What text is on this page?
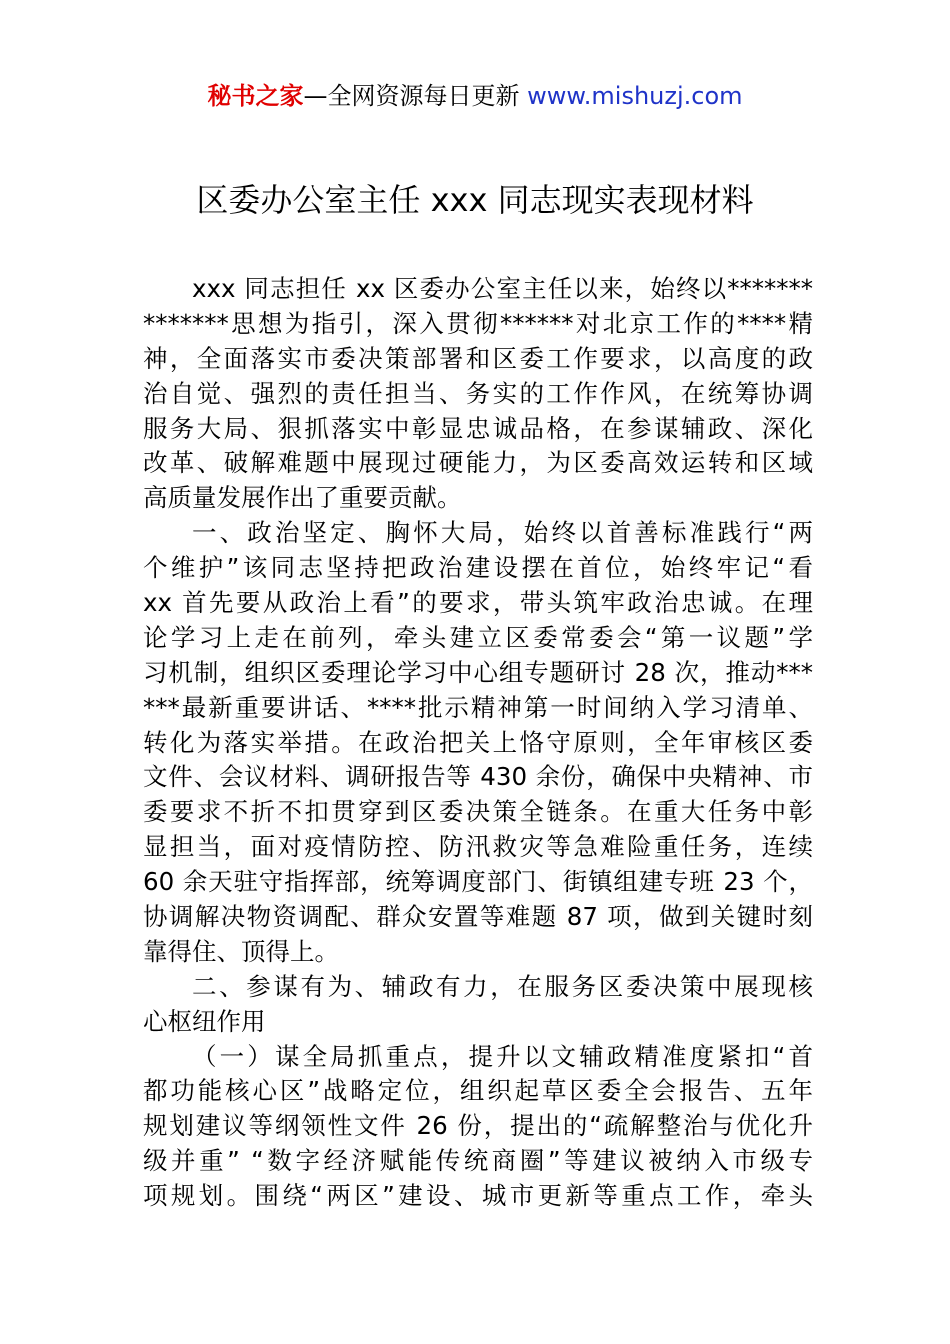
秘书之家—全网资源每日更新 www.mishuzj.com
区委办公室主任 xxx 同志现实表现材料
xxx 同志担任 xx 区委办公室主任以来，始终以*******
*******思想为指引，深入贯彻******对北京工作的****精
神，全面落实市委决策部署和区委工作要求，以高度的政
治自觉、强烈的责任担当、务实的工作作风，在统筹协调
服务大局、狠抓落实中彰显忠诚品格，在参谋辅政、深化
改革、破解难题中展现过硬能力，为区委高效运转和区域
高质量发展作出了重要贡献。
一、政治坚定、胸怀大局，始终以首善标准践行“两
个维护”该同志坚持把政治建设摆在首位，始终牢记“看
xx 首先要从政治上看”的要求，带头筑牢政治忠诚。在理
论学习上走在前列，牵头建立区委常委会“第一议题”学
习机制，组织区委理论学习中心组专题研讨 28 次，推动***
***最新重要讲话、****批示精神第一时间纳入学习清单、
转化为落实举措。在政治把关上恪守原则，全年审核区委
文件、会议材料、调研报告等 430 余份，确保中央精神、市
委要求不折不扣贯穿到区委决策全链条。在重大任务中彰
显担当，面对疫情防控、防汛救灾等急难险重任务，连续
60 余天驻守指挥部，统筹调度部门、街镇组建专班 23 个，
协调解决物资调配、群众安置等难题 87 项，做到关键时刻
靠得住、顶得上。
二、参谋有为、辅政有力，在服务区委决策中展现核
心枢纽作用
（一）谋全局抓重点，提升以文辅政精准度紧扣“首
都功能核心区”战略定位，组织起草区委全会报告、五年
规划建议等纲领性文件 26 份，提出的“疏解整治与优化升
级并重” “数字经济赋能传统商圈”等建议被纳入市级专
项规划。围绕“两区”建设、城市更新等重点工作，牵头
